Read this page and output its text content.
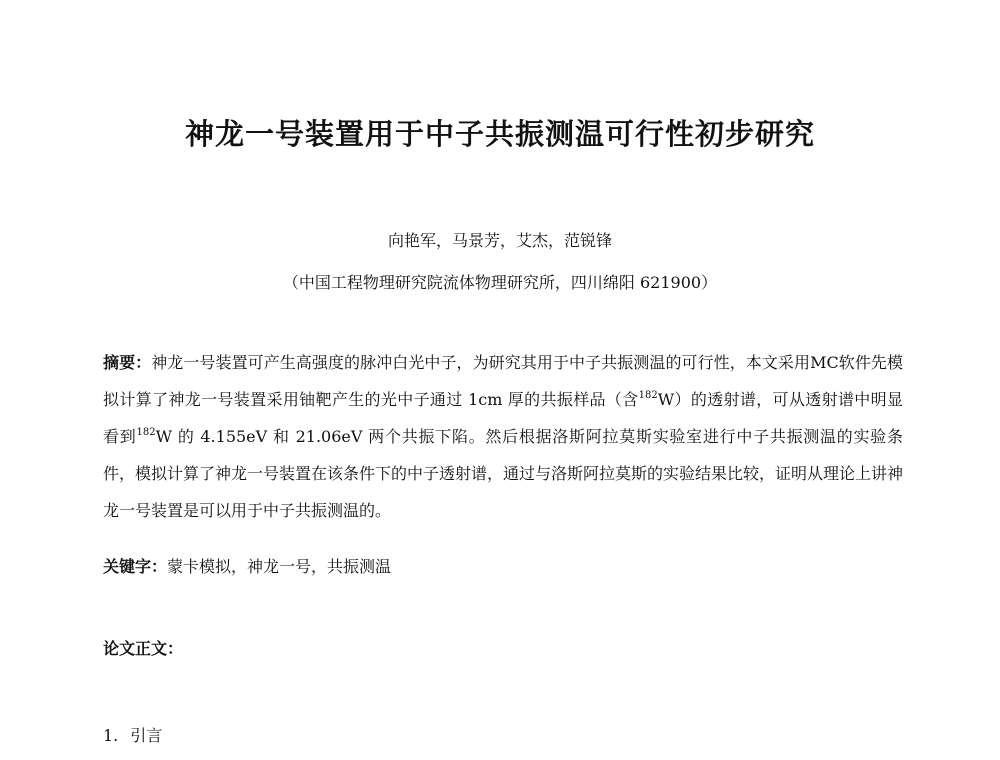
神龙一号装置用于中子共振测温可行性初步研究
向艳军，马景芳，艾杰，范锐锋
（中国工程物理研究院流体物理研究所，四川绵阳 621900）
摘要：神龙一号装置可产生高强度的脉冲白光中子，为研究其用于中子共振测温的可行性，本文采用MC软件先模拟计算了神龙一号装置采用铀靶产生的光中子通过 1cm 厚的共振样品（含$^{182}$W）的透射谱，可从透射谱中明显看到$^{182}$W 的 4.155eV 和 21.06eV 两个共振下陷。然后根据洛斯阿拉莫斯实验室进行中子共振测温的实验条件，模拟计算了神龙一号装置在该条件下的中子透射谱，通过与洛斯阿拉莫斯的实验结果比较，证明从理论上讲神龙一号装置是可以用于中子共振测温的。
关键字：蒙卡模拟，神龙一号，共振测温
论文正文：
1. 引言
